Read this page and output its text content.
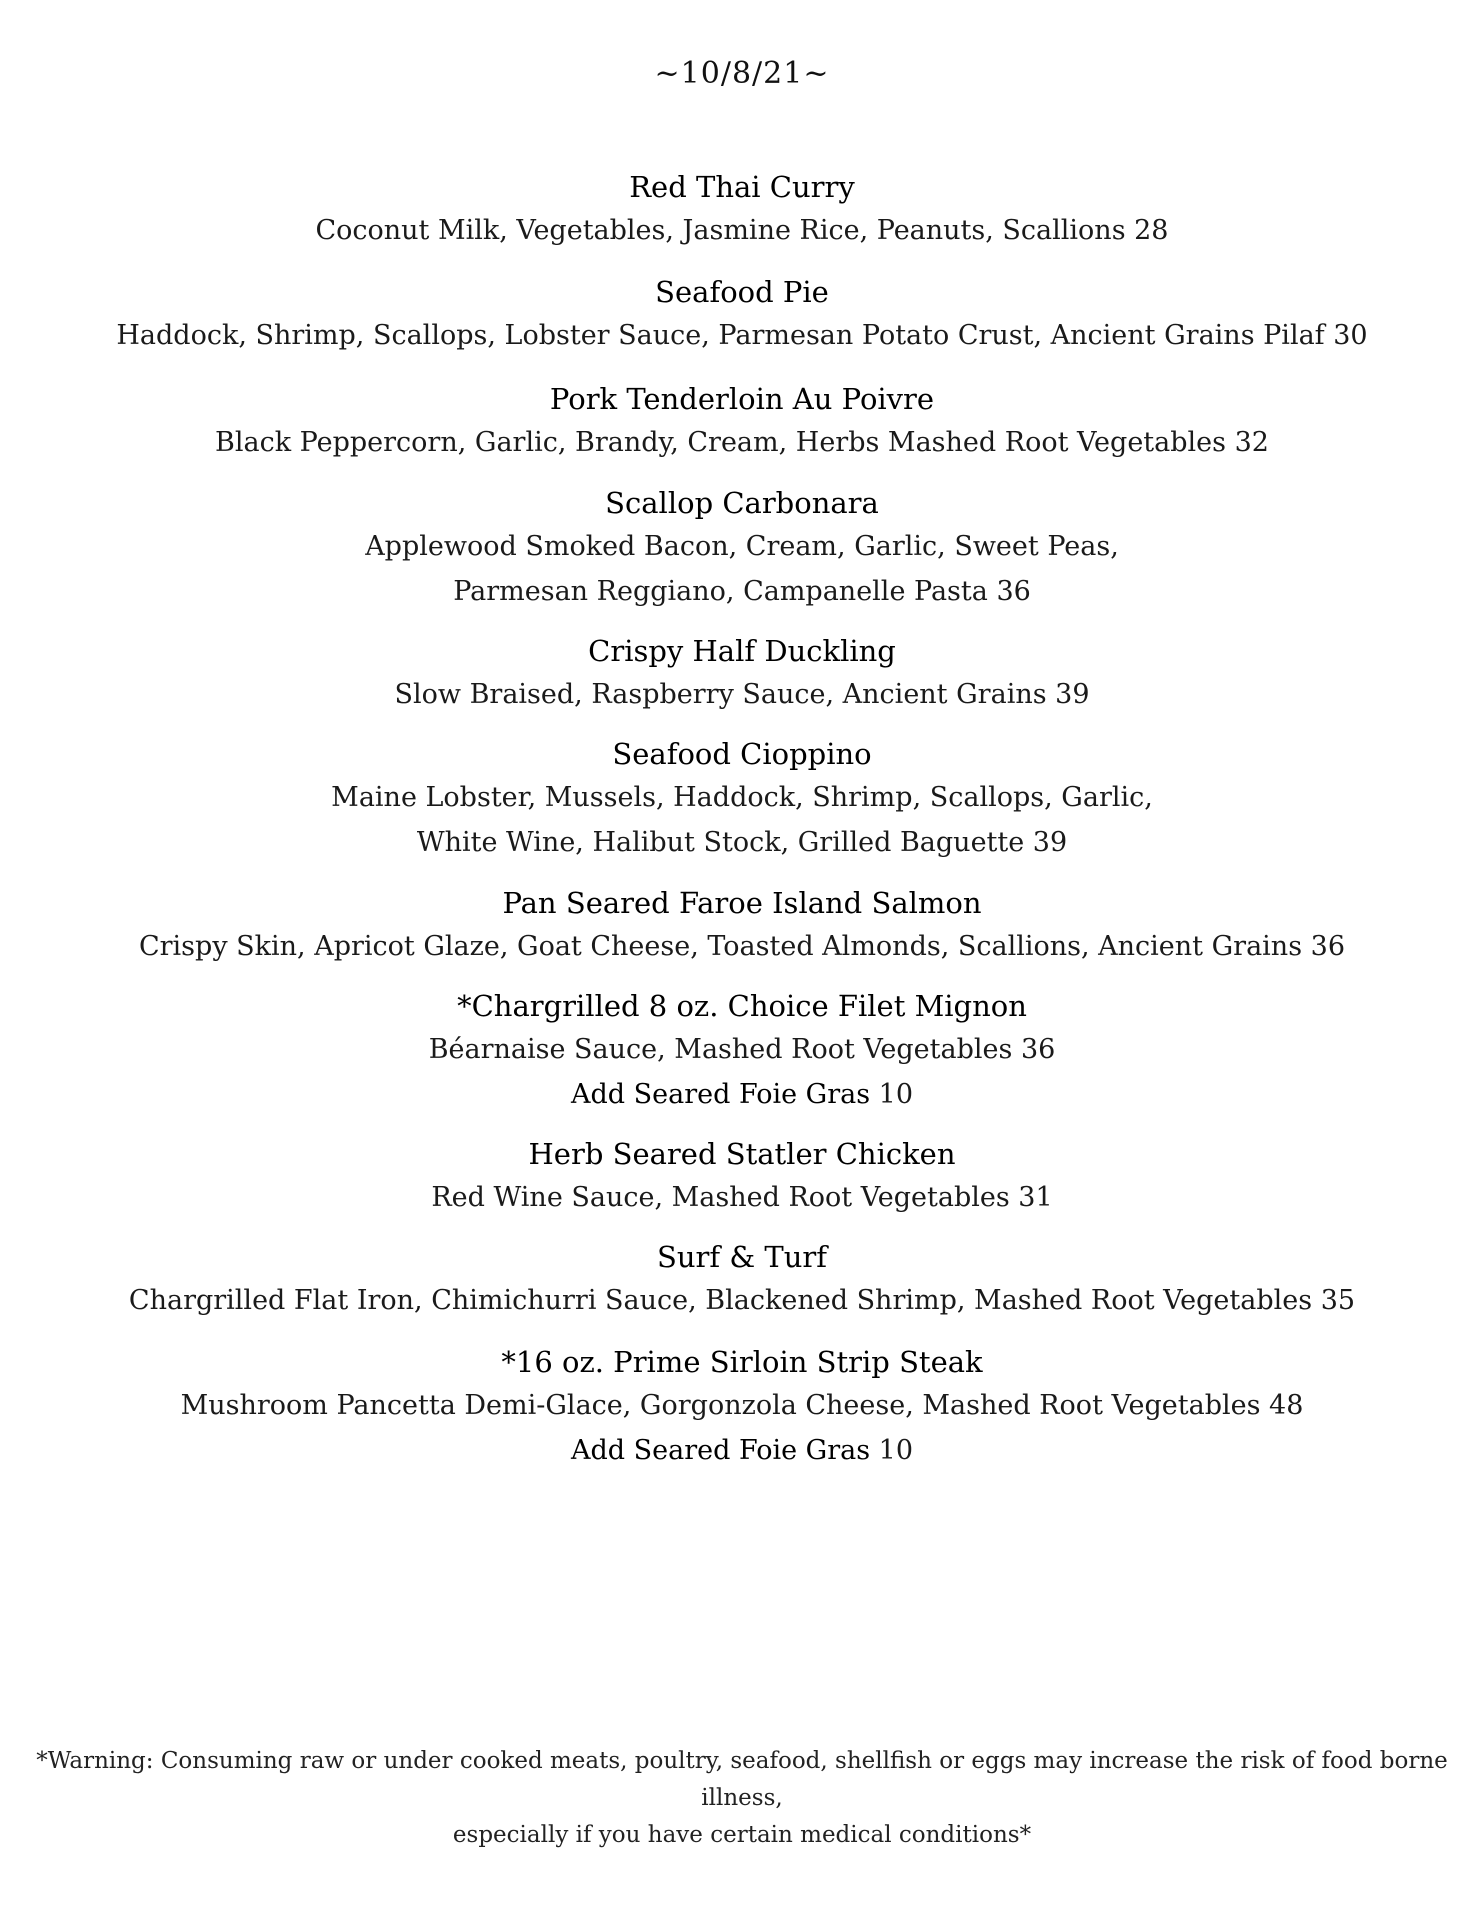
~10/8/21~
Red Thai Curry
Coconut Milk, Vegetables, Jasmine Rice, Peanuts, Scallions 28
Seafood Pie
Haddock, Shrimp, Scallops, Lobster Sauce, Parmesan Potato Crust, Ancient Grains Pilaf 30
Pork Tenderloin Au Poivre
Black Peppercorn, Garlic, Brandy, Cream, Herbs Mashed Root Vegetables 32
Scallop Carbonara
Applewood Smoked Bacon, Cream, Garlic, Sweet Peas,
Parmesan Reggiano, Campanelle Pasta 36
Crispy Half Duckling
Slow Braised, Raspberry Sauce, Ancient Grains 39
Seafood Cioppino
Maine Lobster, Mussels, Haddock, Shrimp, Scallops, Garlic,
White Wine, Halibut Stock, Grilled Baguette 39
Pan Seared Faroe Island Salmon
Crispy Skin, Apricot Glaze, Goat Cheese, Toasted Almonds, Scallions, Ancient Grains 36
*Chargrilled 8 oz. Choice Filet Mignon
Béarnaise Sauce, Mashed Root Vegetables 36
Add Seared Foie Gras 10
Herb Seared Statler Chicken
Red Wine Sauce, Mashed Root Vegetables 31
Surf & Turf
Chargrilled Flat Iron, Chimichurri Sauce, Blackened Shrimp, Mashed Root Vegetables 35
*16 oz. Prime Sirloin Strip Steak
Mushroom Pancetta Demi-Glace, Gorgonzola Cheese, Mashed Root Vegetables 48
Add Seared Foie Gras 10
*Warning: Consuming raw or under cooked meats, poultry, seafood, shellfish or eggs may increase the risk of food borne illness,
especially if you have certain medical conditions*
